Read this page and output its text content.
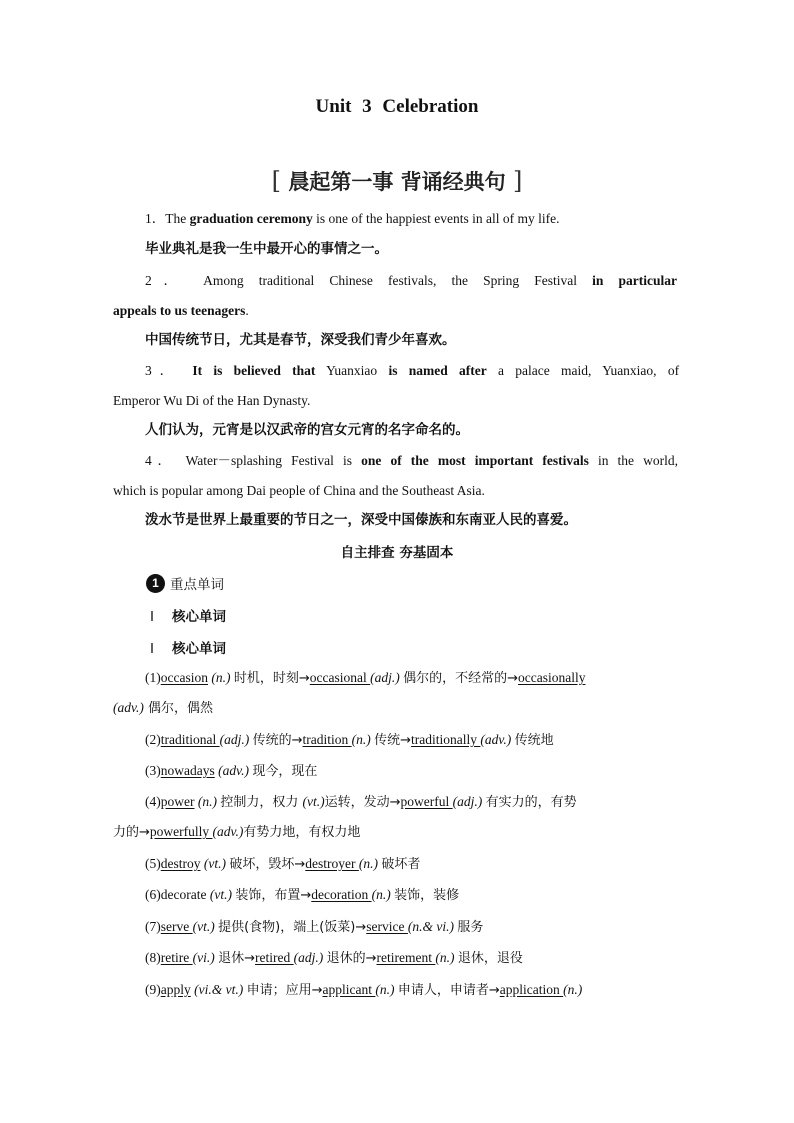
Unit 3 Celebration
[ 晨起第一事 背诵经典句 ]
1．The graduation ceremony is one of the happiest events in all of my life.
毕业典礼是我一生中最开心的事情之一。
2． Among traditional Chinese festivals, the Spring Festival in particular
appeals to us teenagers.
中国传统节日，尤其是春节，深受我们青少年喜欢。
3． It is believed that Yuanxiao is named after a palace maid, Yuanxiao, of
Emperor Wu Di of the Han Dynasty.
人们认为，元宵是以汉武帝的宫女元宵的名字命名的。
4． Water－splashing Festival is one of the most important festivals in the world,
which is popular among Dai people of China and the Southeast Asia.
泼水节是世界上最重要的节日之一，深受中国傣族和东南亚人民的喜爱。
自主排查 夯基固本
1 重点单词
Ⅰ 核心单词
Ⅰ 核心单词
(1)occasion (n.) 时机，时刻→occasional (adj.) 偶尔的，不经常的→occasionally
(adv.) 偶尔，偶然
(2)traditional (adj.) 传统的→tradition (n.) 传统→traditionally (adv.) 传统地
(3)nowadays (adv.) 现今，现在
(4)power (n.) 控制力，权力 (vt.)运转，发动→powerful (adj.) 有实力的，有势
力的→powerfully (adv.)有势力地，有权力地
(5)destroy (vt.) 破坏，毁坏→destroyer (n.) 破坏者
(6)decorate (vt.) 装饰，布置→decoration (n.) 装饰，装修
(7)serve (vt.) 提供(食物)，端上(饭菜)→service (n.& vi.) 服务
(8)retire (vi.) 退休→retired (adj.) 退休的→retirement (n.) 退休，退役
(9)apply (vi.& vt.) 申请；应用→applicant (n.) 申请人，申请者→application (n.)
